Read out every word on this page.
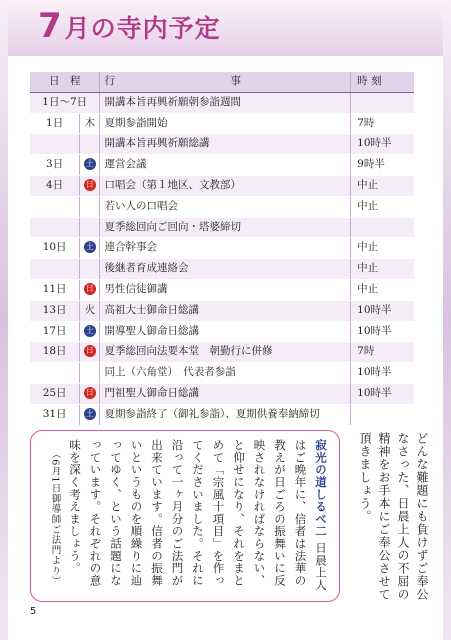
7月の寺内予定
日　程		行　　　　　　　　　　　事	時 刻
1日～7日		開講本旨再興祈願朝参詣週間	
1日	木	夏期参詣開始	7時
		開講本旨再興祈願総講	10時半
3日	土	運営会議	9時半
4日	日	口唱会（第１地区、文教部）	中止
		若い人の口唱会	中止
		夏季総回向ご回向・塔婆締切	
10日	土	連合幹事会	中止
		後継者育成連絡会	中止
11日	日	男性信徒御講	中止
13日	火	高祖大士御命日総講	10時半
17日	土	開導聖人御命日総講	10時半
18日	日	夏季総回向法要本堂　朝勤行に併修	7時
		同上（六角堂）　代表者参詣	10時半
25日	日	門祖聖人御命日総講	10時半
31日	土	夏期参詣終了（御礼参詣）、夏期供養奉納締切	
どんな難題にも負けずご奉公なさった、日晨上人の不屈の精神をお手本にご奉公させて頂きましょう。
寂光の道しるべ二 日晨上人はご晩年に、信者は法華の教えが日ごろの振舞いに反映されなければならない、と仰せになり、それをまとめて「宗風十項目」を作ってくださいました。それに沿って一ヶ月分のご法門が出来ています。信者の振舞いというものを順繰りに辿ってゆく、という話題になっています。それぞれの意味を深く考えましょう。 （6月1日御導師ご法門より）
5
